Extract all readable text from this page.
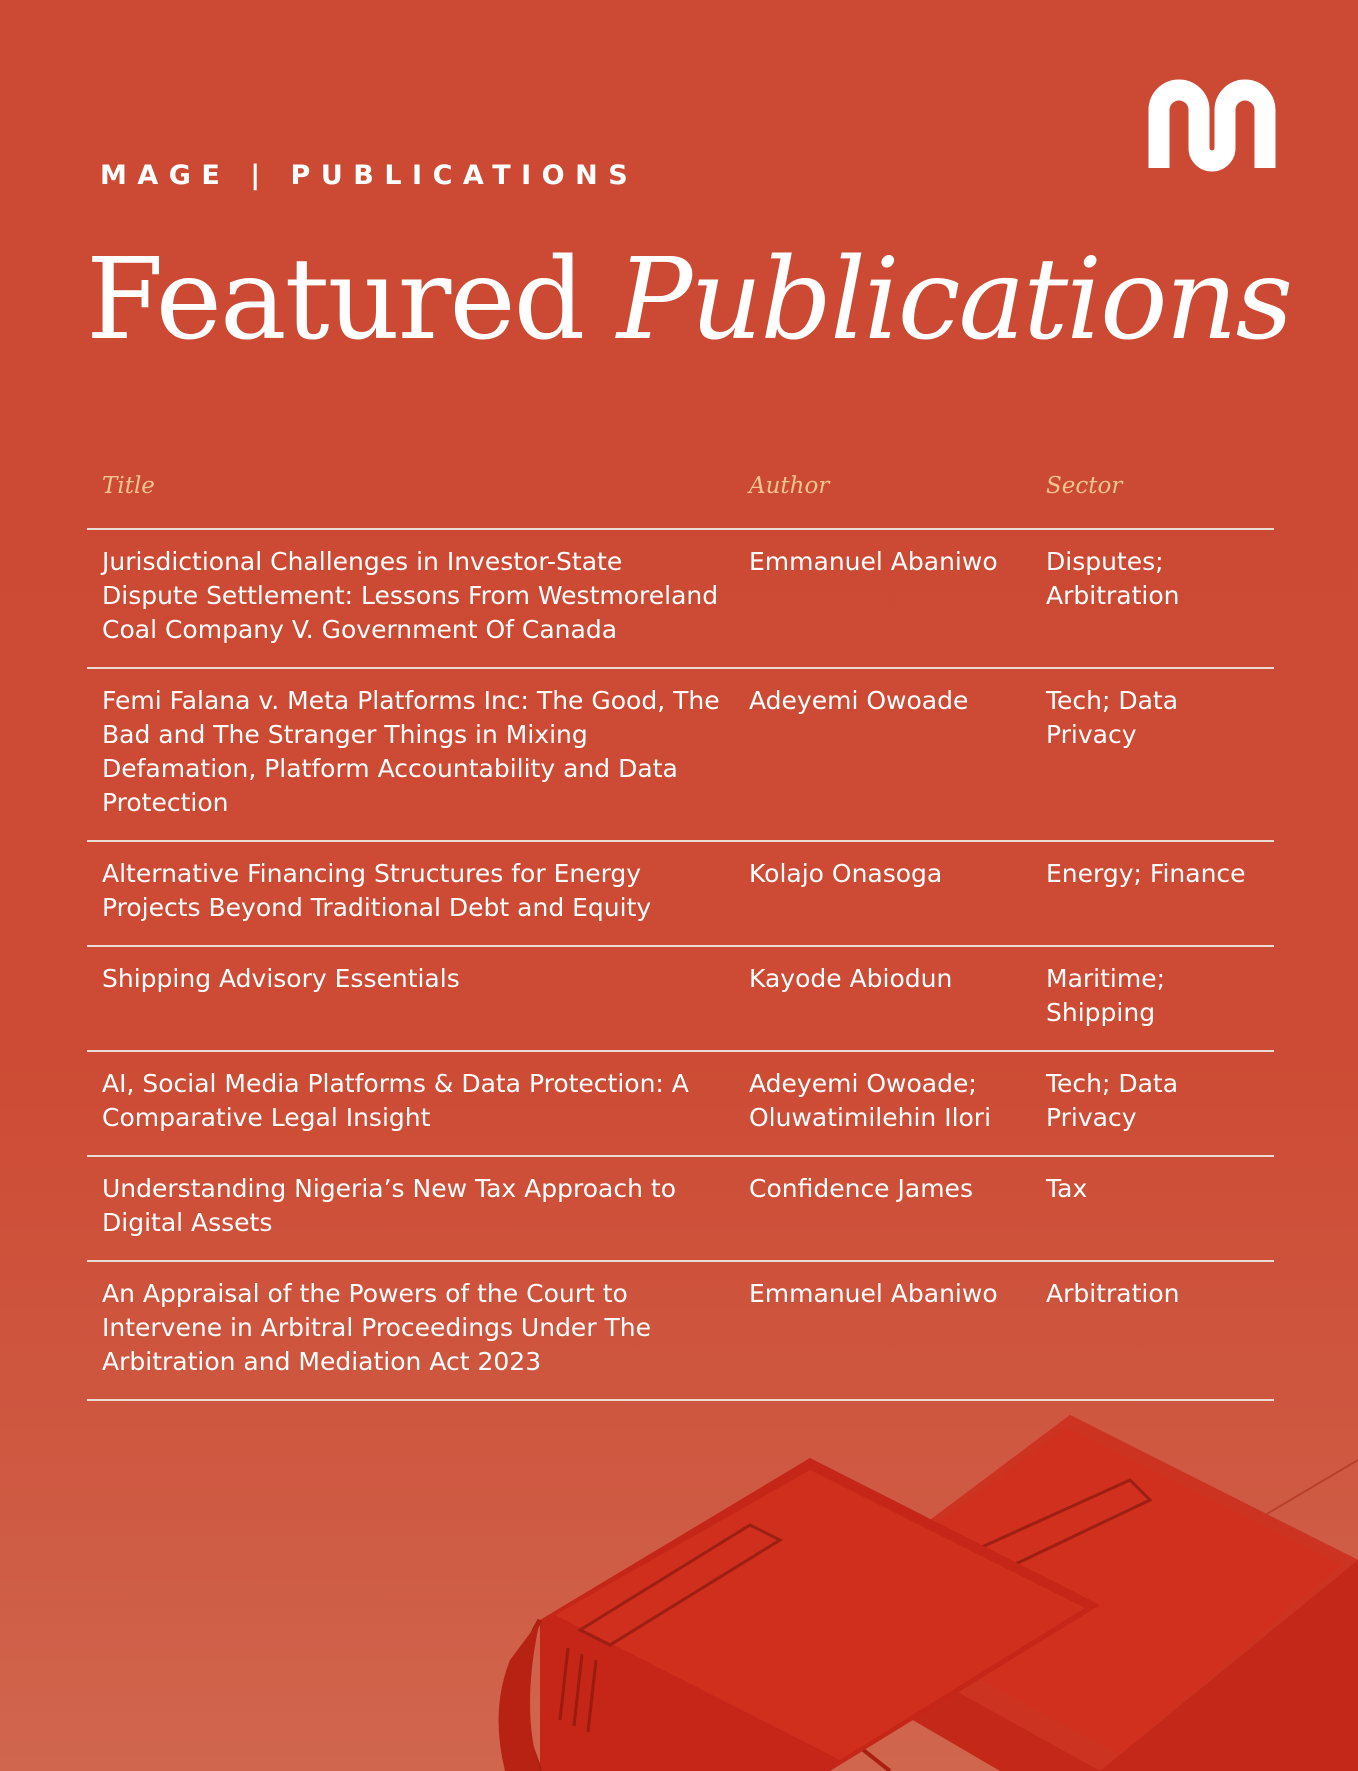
MAGE | PUBLICATIONS
Featured Publications
Title	Author	Sector
Jurisdictional Challenges in Investor-State Dispute Settlement: Lessons From Westmoreland Coal Company V. Government Of Canada	Emmanuel Abaniwo	Disputes; Arbitration
Femi Falana v. Meta Platforms Inc: The Good, The Bad and The Stranger Things in Mixing Defamation, Platform Accountability and Data Protection	Adeyemi Owoade	Tech; Data Privacy
Alternative Financing Structures for Energy Projects Beyond Traditional Debt and Equity	Kolajo Onasoga	Energy; Finance
Shipping Advisory Essentials	Kayode Abiodun	Maritime; Shipping
AI, Social Media Platforms & Data Protection: A Comparative Legal Insight	Adeyemi Owoade; Oluwatimilehin Ilori	Tech; Data Privacy
Understanding Nigeria’s New Tax Approach to Digital Assets	Confidence James	Tax
An Appraisal of the Powers of the Court to Intervene in Arbitral Proceedings Under The Arbitration and Mediation Act 2023	Emmanuel Abaniwo	Arbitration
